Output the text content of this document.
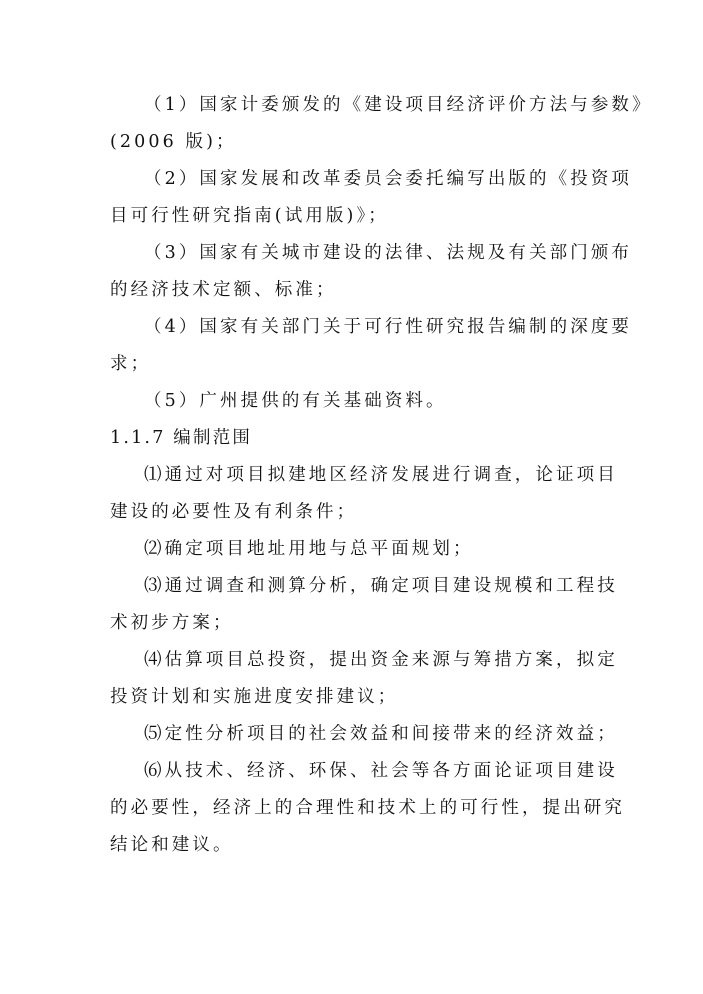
（1）国家计委颁发的《建设项目经济评价方法与参数》
(2006 版)；
（2）国家发展和改革委员会委托编写出版的《投资项
目可行性研究指南(试用版)》；
（3）国家有关城市建设的法律、法规及有关部门颁布
的经济技术定额、标准；
（4）国家有关部门关于可行性研究报告编制的深度要
求；
（5）广州提供的有关基础资料。
1.1.7 编制范围
⑴通过对项目拟建地区经济发展进行调查，论证项目
建设的必要性及有利条件；
⑵确定项目地址用地与总平面规划；
⑶通过调查和测算分析，确定项目建设规模和工程技
术初步方案；
⑷估算项目总投资，提出资金来源与筹措方案，拟定
投资计划和实施进度安排建议；
⑸定性分析项目的社会效益和间接带来的经济效益；
⑹从技术、经济、环保、社会等各方面论证项目建设
的必要性，经济上的合理性和技术上的可行性，提出研究
结论和建议。
